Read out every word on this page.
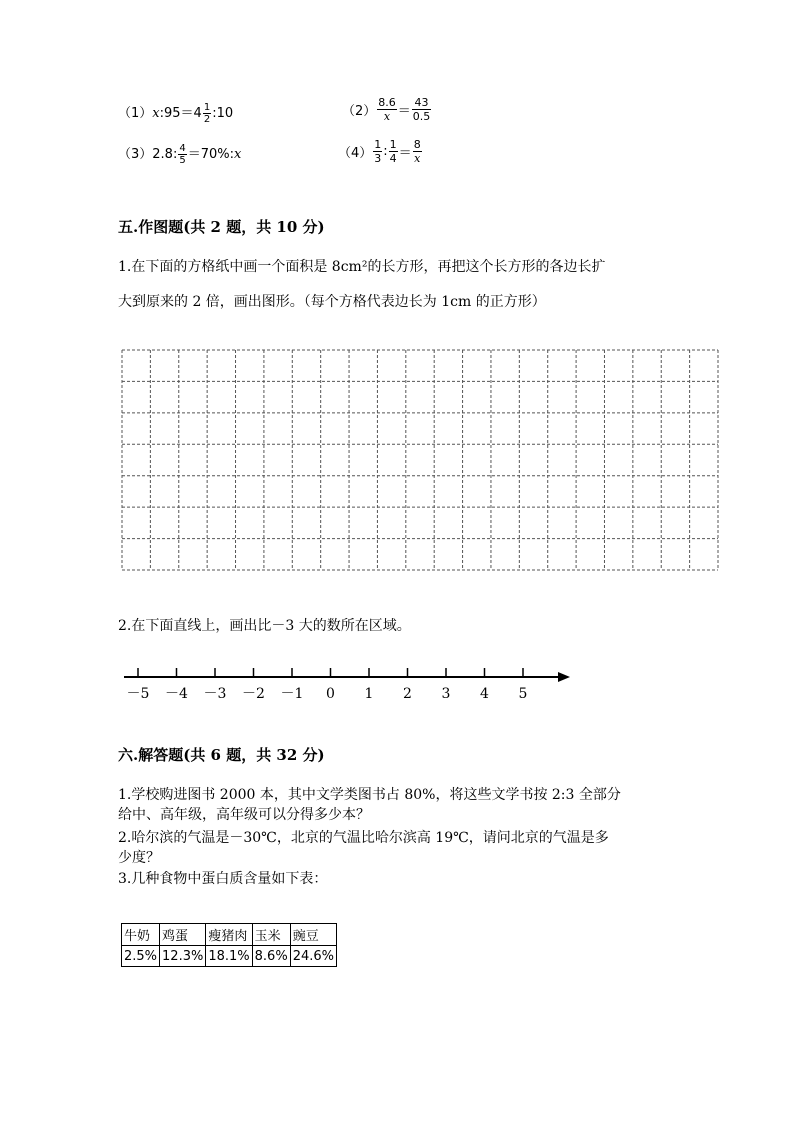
（1）x:95＝4 $\frac{1}{2}$ :10	$(2) \frac{8.6}{x} = \frac{43}{0.5}$
（3）2.8: $\frac{4}{5}$ ＝70%:x	$(4) \frac{1}{3}$ : $\frac{1}{4} = \frac{8}{x}$
五.作图题(共 2 题，共 10 分)
1.在下面的方格纸中画一个面积是 8cm²的长方形，再把这个长方形的各边长扩
大到原来的 2 倍，画出图形。（每个方格代表边长为 1cm 的正方形）
2.在下面直线上，画出比－3 大的数所在区域。
－5 －4 －3 －2 －1 0 1 2 3 4 5
六.解答题(共 6 题，共 32 分)
1.学校购进图书 2000 本，其中文学类图书占 80%，将这些文学书按 2:3 全部分
给中、高年级，高年级可以分得多少本？
2.哈尔滨的气温是－30℃，北京的气温比哈尔滨高 19℃，请问北京的气温是多
少度？
3.几种食物中蛋白质含量如下表：
牛奶	鸡蛋	瘦猪肉	玉米	豌豆
2.5%	12.3%	18.1%	8.6%	24.6%
